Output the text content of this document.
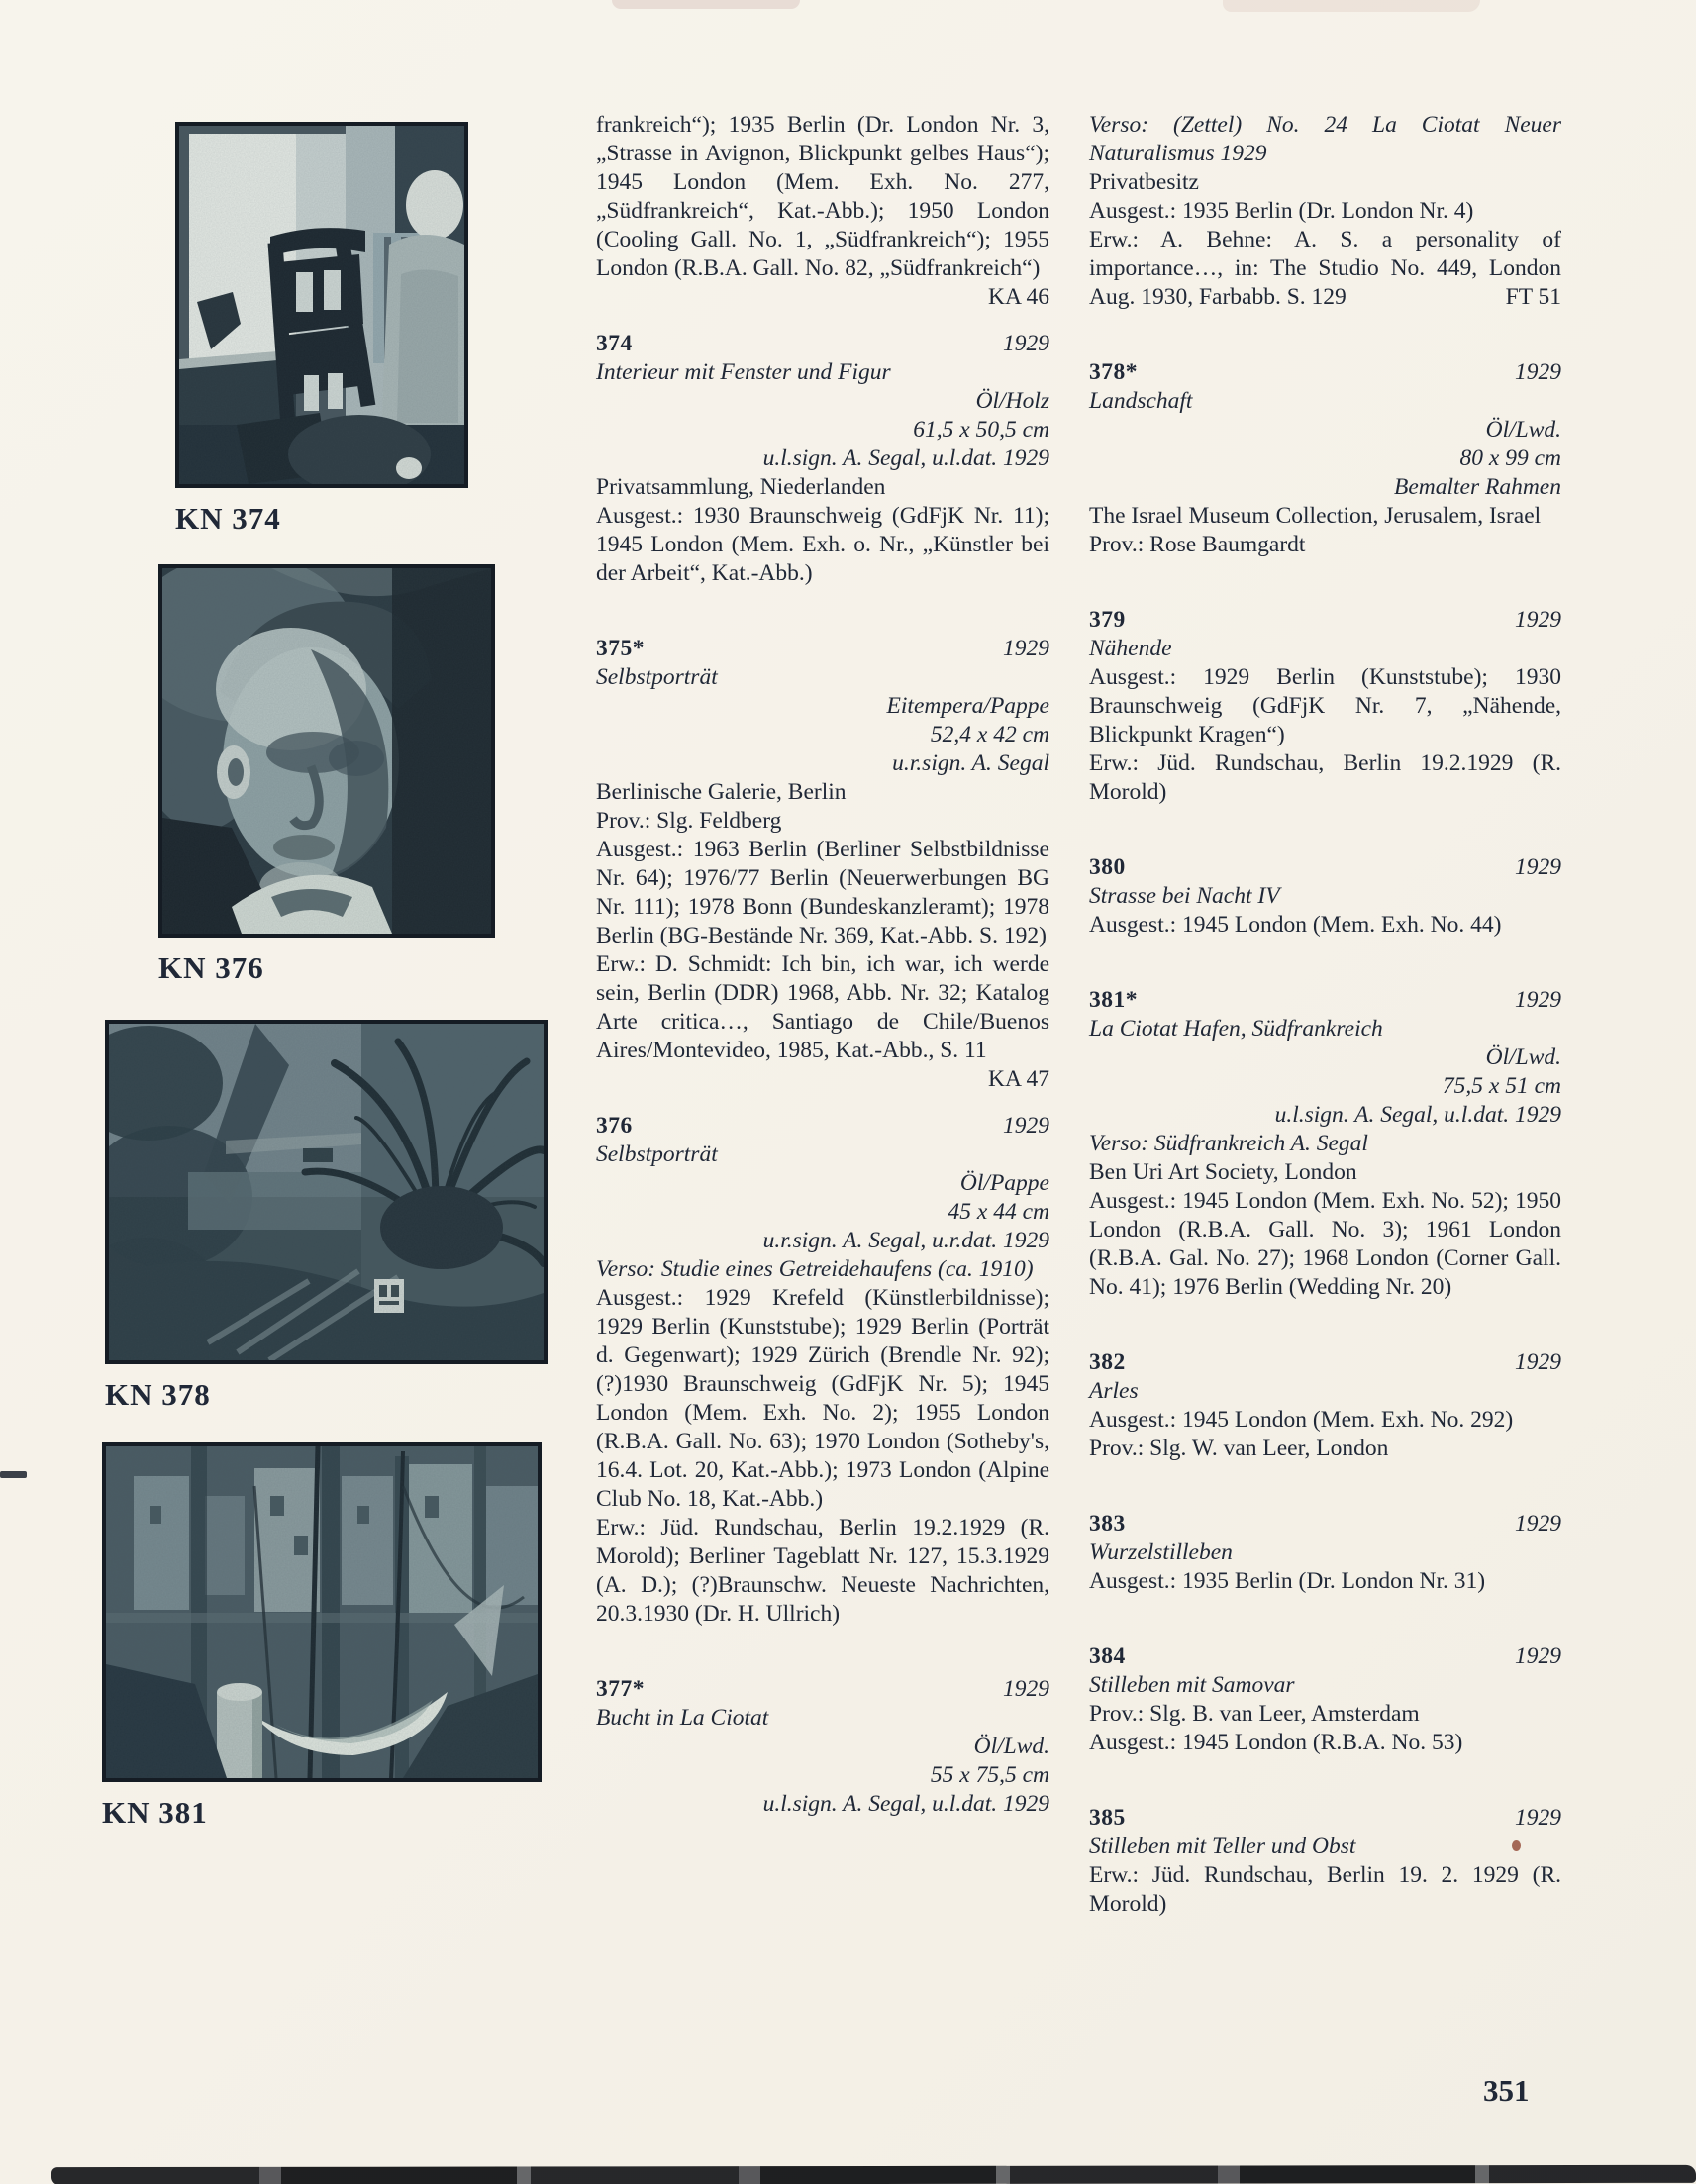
KN 374
KN 376
KN 378
KN 381

frankreich“); 1935 Berlin (Dr. London Nr. 3, „Strasse in Avignon, Blickpunkt gelbes Haus“); 1945 London (Mem. Exh. No. 277, „Südfrankreich“, Kat.-Abb.); 1950 London (Cooling Gall. No. 1, „Südfrankreich“); 1955 London (R.B.A. Gall. No. 82, „Südfrankreich“)
KA 46

374	1929
Interieur mit Fenster und Figur
Öl/Holz
61,5 x 50,5 cm
u.l.sign. A. Segal, u.l.dat. 1929

Privatsammlung, Niederlanden

Ausgest.: 1930 Braunschweig (GdFjK Nr. 11); 1945 London (Mem. Exh. o. Nr., „Künstler bei der Arbeit“, Kat.-Abb.)

375*	1929
Selbstporträt
Eitempera/Pappe
52,4 x 42 cm
u.r.sign. A. Segal

Berlinische Galerie, Berlin

Prov.: Slg. Feldberg

Ausgest.: 1963 Berlin (Berliner Selbstbildnisse Nr. 64); 1976/77 Berlin (Neuerwerbungen BG Nr. 111); 1978 Bonn (Bundeskanzleramt); 1978 Berlin (BG-Bestände Nr. 369, Kat.-Abb. S. 192)

Erw.: D. Schmidt: Ich bin, ich war, ich werde sein, Berlin (DDR) 1968, Abb. Nr. 32; Katalog Arte critica…, Santiago de Chile/Buenos Aires/Montevideo, 1985, Kat.-Abb., S. 11
KA 47

376	1929
Selbstporträt
Öl/Pappe
45 x 44 cm
u.r.sign. A. Segal, u.r.dat. 1929
Verso: Studie eines Getreidehaufens (ca. 1910)

Ausgest.: 1929 Krefeld (Künstlerbildnisse); 1929 Berlin (Kunststube); 1929 Berlin (Porträt d. Gegenwart); 1929 Zürich (Brendle Nr. 92); (?)1930 Braunschweig (GdFjK Nr. 5); 1945 London (Mem. Exh. No. 2); 1955 London (R.B.A. Gall. No. 63); 1970 London (Sotheby's, 16.4. Lot. 20, Kat.-Abb.); 1973 London (Alpine Club No. 18, Kat.-Abb.)

Erw.: Jüd. Rundschau, Berlin 19.2.1929 (R. Morold); Berliner Tageblatt Nr. 127, 15.3.1929 (A. D.); (?)Braunschw. Neueste Nachrichten, 20.3.1930 (Dr. H. Ullrich)

377*	1929
Bucht in La Ciotat
Öl/Lwd.
55 x 75,5 cm
u.l.sign. A. Segal, u.l.dat. 1929
Verso: (Zettel) No. 24 La Ciotat Neuer Naturalismus 1929

Privatbesitz

Ausgest.: 1935 Berlin (Dr. London Nr. 4)

Erw.: A. Behne: A. S. a personality of importance…, in: The Studio No. 449, London Aug. 1930, Farbabb. S. 129	FT 51

378*	1929
Landschaft
Öl/Lwd.
80 x 99 cm
Bemalter Rahmen

The Israel Museum Collection, Jerusalem, Israel

Prov.: Rose Baumgardt

379	1929
Nähende

Ausgest.: 1929 Berlin (Kunststube); 1930 Braunschweig (GdFjK Nr. 7, „Nähende, Blickpunkt Kragen“)

Erw.: Jüd. Rundschau, Berlin 19.2.1929 (R. Morold)

380	1929
Strasse bei Nacht IV

Ausgest.: 1945 London (Mem. Exh. No. 44)

381*	1929
La Ciotat Hafen, Südfrankreich
Öl/Lwd.
75,5 x 51 cm
u.l.sign. A. Segal, u.l.dat. 1929
Verso: Südfrankreich A. Segal

Ben Uri Art Society, London

Ausgest.: 1945 London (Mem. Exh. No. 52); 1950 London (R.B.A. Gall. No. 3); 1961 London (R.B.A. Gal. No. 27); 1968 London (Corner Gall. No. 41); 1976 Berlin (Wedding Nr. 20)

382	1929
Arles

Ausgest.: 1945 London (Mem. Exh. No. 292)

Prov.: Slg. W. van Leer, London

383	1929
Wurzelstilleben

Ausgest.: 1935 Berlin (Dr. London Nr. 31)

384	1929
Stilleben mit Samovar

Prov.: Slg. B. van Leer, Amsterdam

Ausgest.: 1945 London (R.B.A. No. 53)

385	1929
Stilleben mit Teller und Obst

Erw.: Jüd. Rundschau, Berlin 19. 2. 1929 (R. Morold)

351
